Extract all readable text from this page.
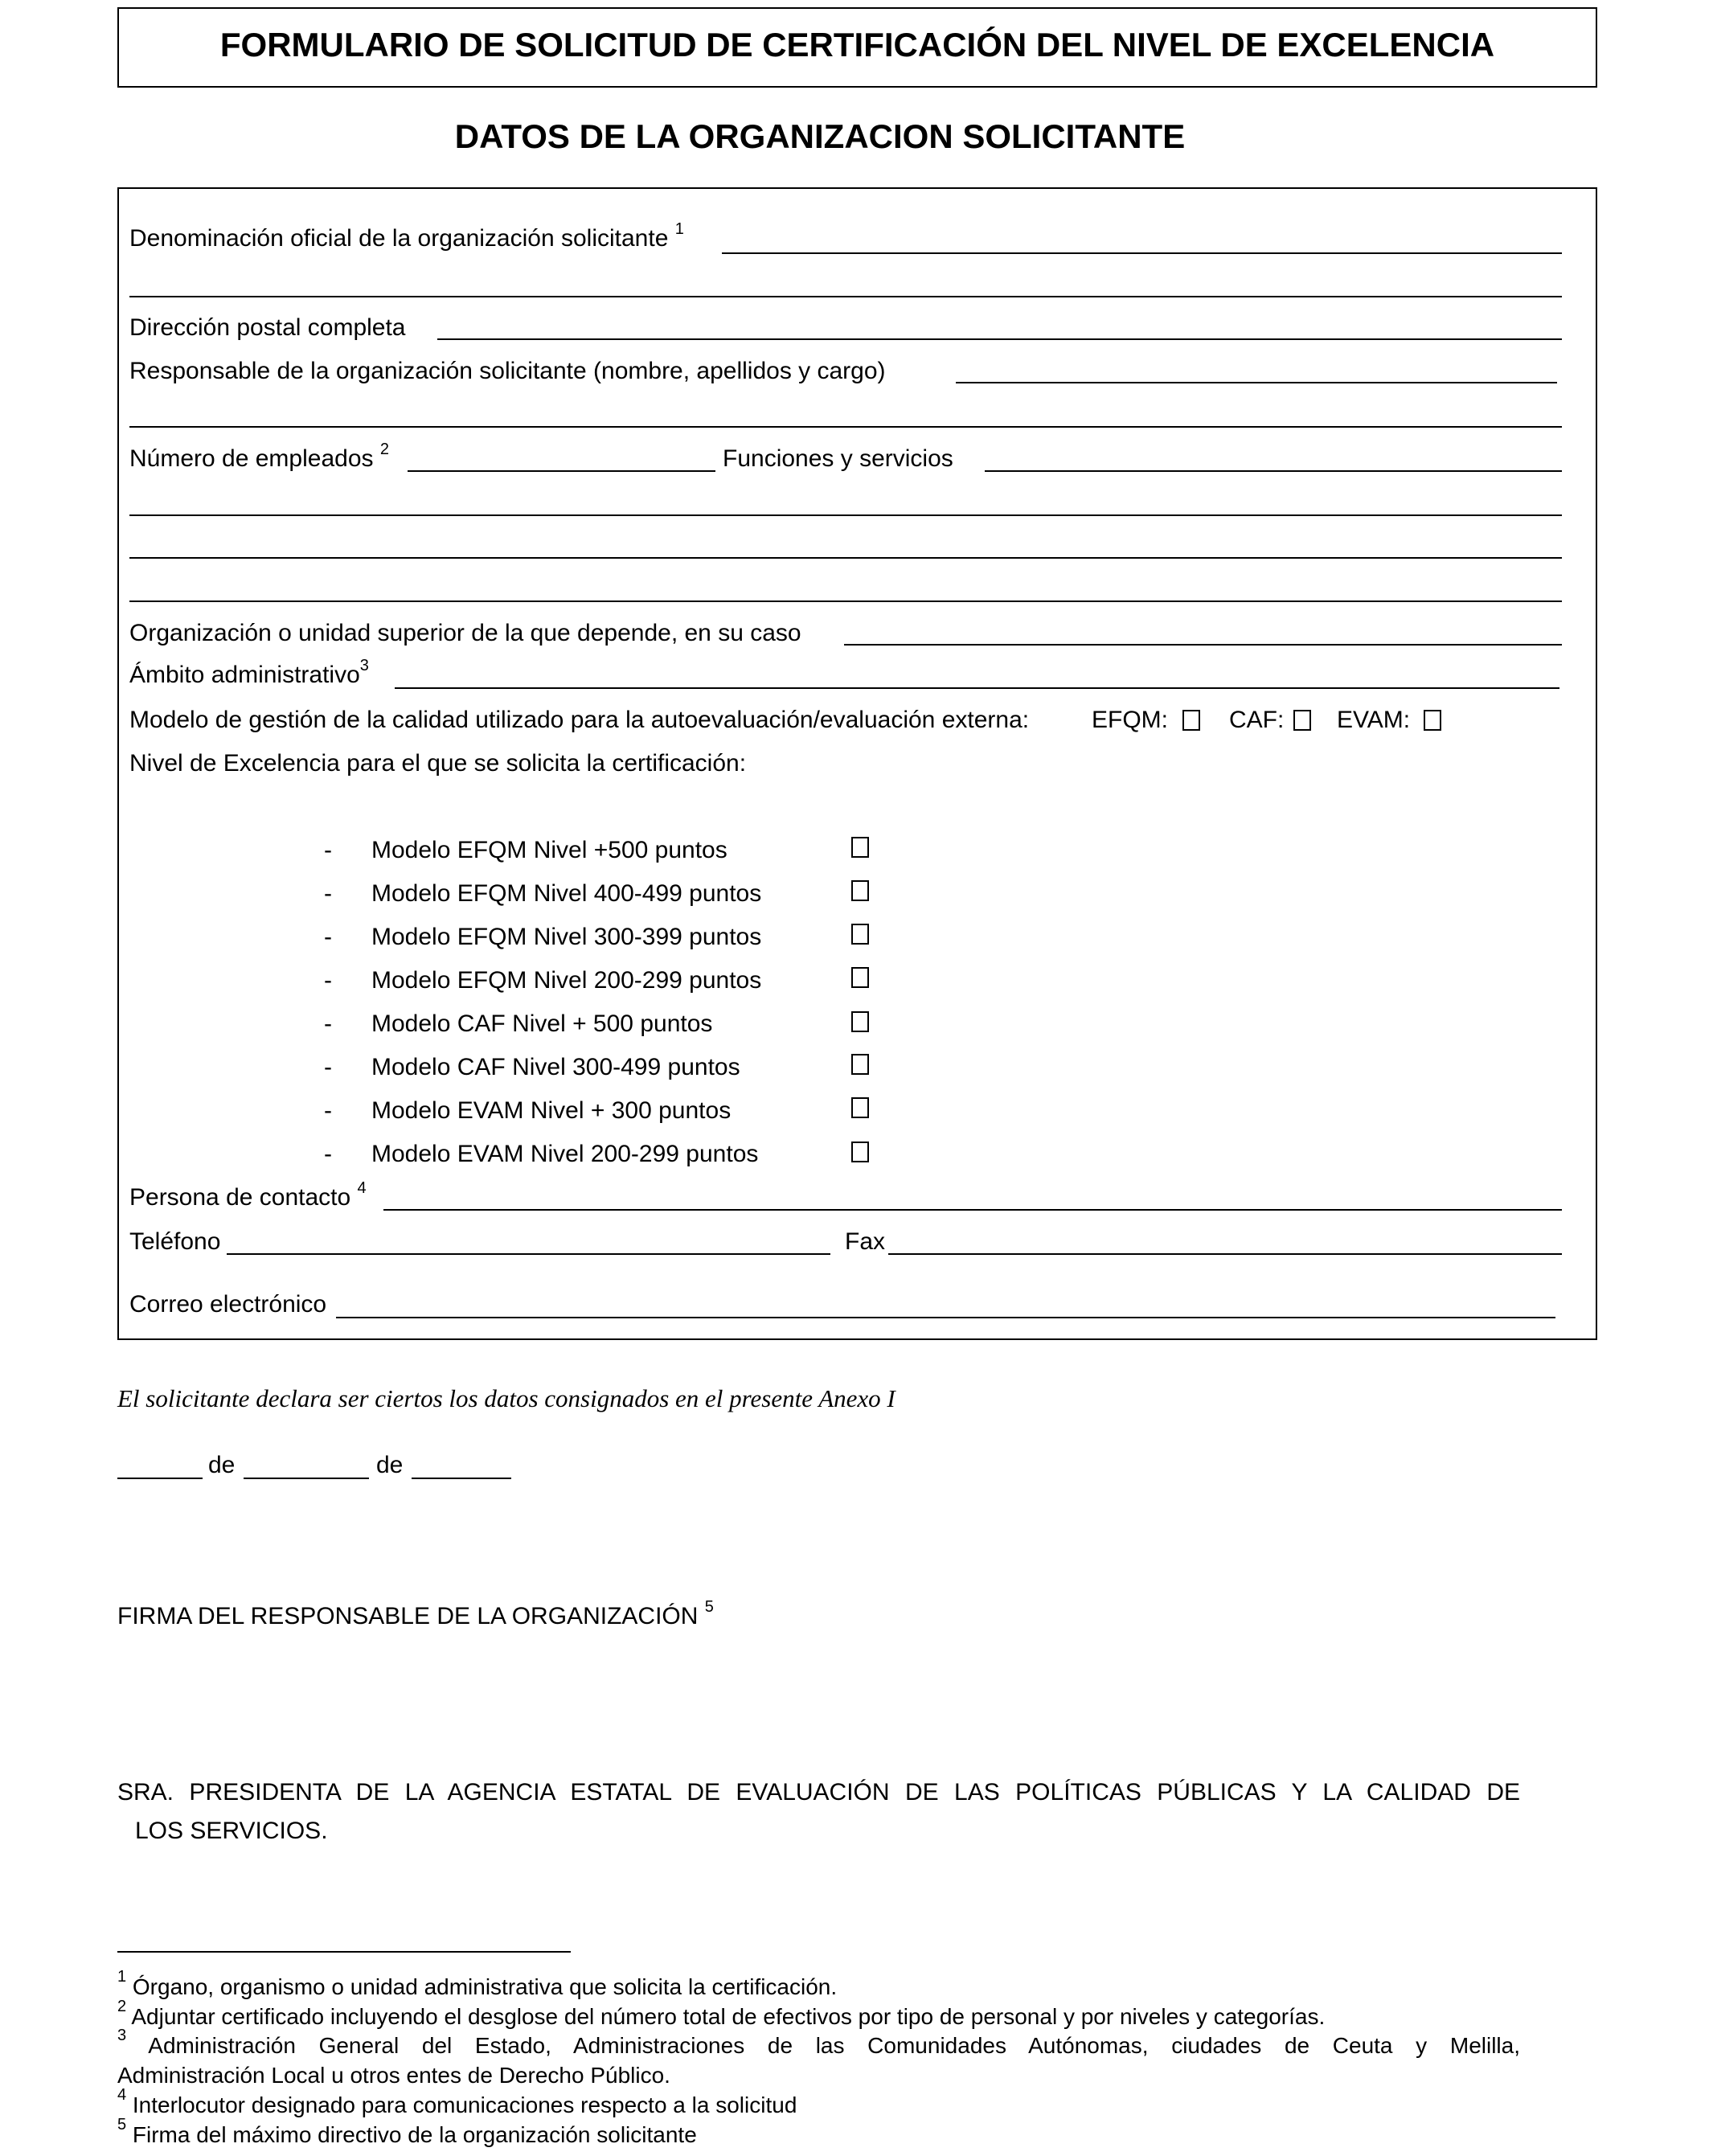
FORMULARIO DE SOLICITUD DE CERTIFICACIÓN DEL NIVEL DE EXCELENCIA
DATOS DE LA ORGANIZACION SOLICITANTE
Denominación oficial de la organización solicitante $^1$
Dirección postal completa
Responsable de la organización solicitante (nombre, apellidos y cargo)
Número de empleados $^2$	Funciones y servicios
Organización o unidad superior de la que depende, en su caso
Ámbito administrativo$^3$
Modelo de gestión de la calidad utilizado para la autoevaluación/evaluación externa:	EFQM:	CAF: EVAM:
Nivel de Excelencia para el que se solicita la certificación:
- Modelo EFQM Nivel +500 puntos
- Modelo EFQM Nivel 400-499 puntos
- Modelo EFQM Nivel 300-399 puntos
- Modelo EFQM Nivel 200-299 puntos
- Modelo CAF Nivel + 500 puntos
- Modelo CAF Nivel 300-499 puntos
- Modelo EVAM Nivel + 300 puntos
- Modelo EVAM Nivel 200-299 puntos
Persona de contacto $^4$
Teléfono	Fax
Correo electrónico
El solicitante declara ser ciertos los datos consignados en el presente Anexo I
de	de
FIRMA DEL RESPONSABLE DE LA ORGANIZACIÓN $^5$
SRA. PRESIDENTA DE LA AGENCIA ESTATAL DE EVALUACIÓN DE LAS POLÍTICAS PÚBLICAS Y LA CALIDAD DE
LOS SERVICIOS.
$^1$ Órgano, organismo o unidad administrativa que solicita la certificación.
$^2$ Adjuntar certificado incluyendo el desglose del número total de efectivos por tipo de personal y por niveles y categorías.
$^3$ Administración General del Estado, Administraciones de las Comunidades Autónomas, ciudades de Ceuta y Melilla,
Administración Local u otros entes de Derecho Público.
$^4$ Interlocutor designado para comunicaciones respecto a la solicitud
$^5$ Firma del máximo directivo de la organización solicitante
